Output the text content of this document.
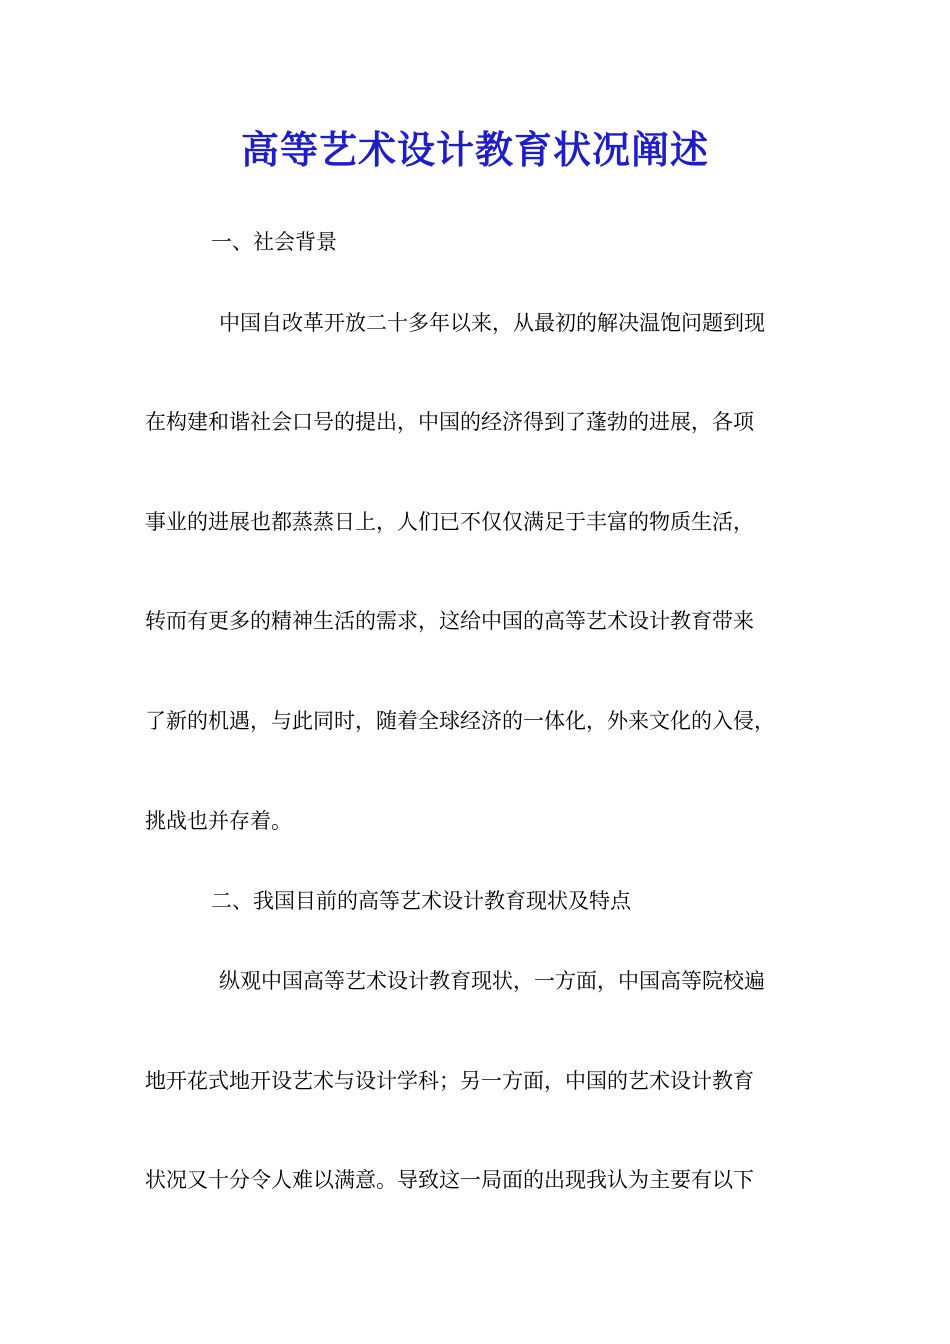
高等艺术设计教育状况阐述

一、社会背景

中国自改革开放二十多年以来，从最初的解决温饱问题到现

在构建和谐社会口号的提出，中国的经济得到了蓬勃的进展，各项

事业的进展也都蒸蒸日上，人们已不仅仅满足于丰富的物质生活，

转而有更多的精神生活的需求，这给中国的高等艺术设计教育带来

了新的机遇，与此同时，随着全球经济的一体化，外来文化的入侵，

挑战也并存着。

二、我国目前的高等艺术设计教育现状及特点

纵观中国高等艺术设计教育现状，一方面，中国高等院校遍

地开花式地开设艺术与设计学科；另一方面，中国的艺术设计教育

状况又十分令人难以满意。导致这一局面的出现我认为主要有以下
